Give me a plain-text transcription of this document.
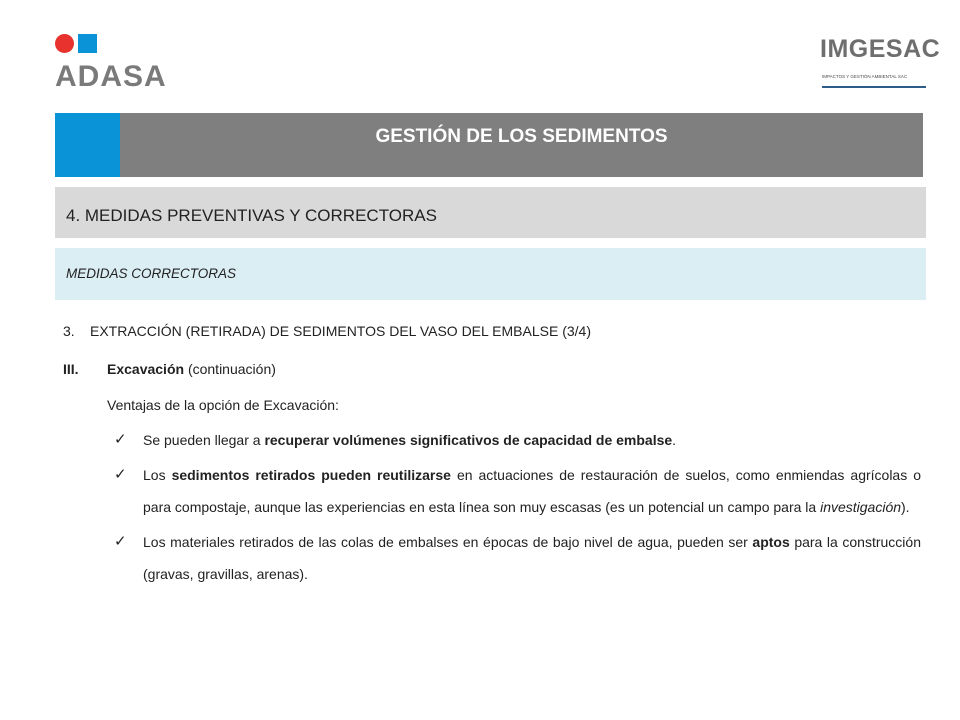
ADASA
IMGESAC
IMPACTOS Y GESTIÓN AMBIENTAL SAC
GESTIÓN DE LOS SEDIMENTOS
4. MEDIDAS PREVENTIVAS Y CORRECTORAS
MEDIDAS CORRECTORAS
3. EXTRACCIÓN (RETIRADA) DE SEDIMENTOS DEL VASO DEL EMBALSE (3/4)
III. Excavación (continuación)
Ventajas de la opción de Excavación:
✓	Se pueden llegar a recuperar volúmenes significativos de capacidad de embalse.
✓	Los sedimentos retirados pueden reutilizarse en actuaciones de restauración de suelos, como enmiendas agrícolas o para compostaje, aunque las experiencias en esta línea son muy escasas (es un potencial un campo para la investigación).
✓	Los materiales retirados de las colas de embalses en épocas de bajo nivel de agua, pueden ser aptos para la construcción (gravas, gravillas, arenas).
